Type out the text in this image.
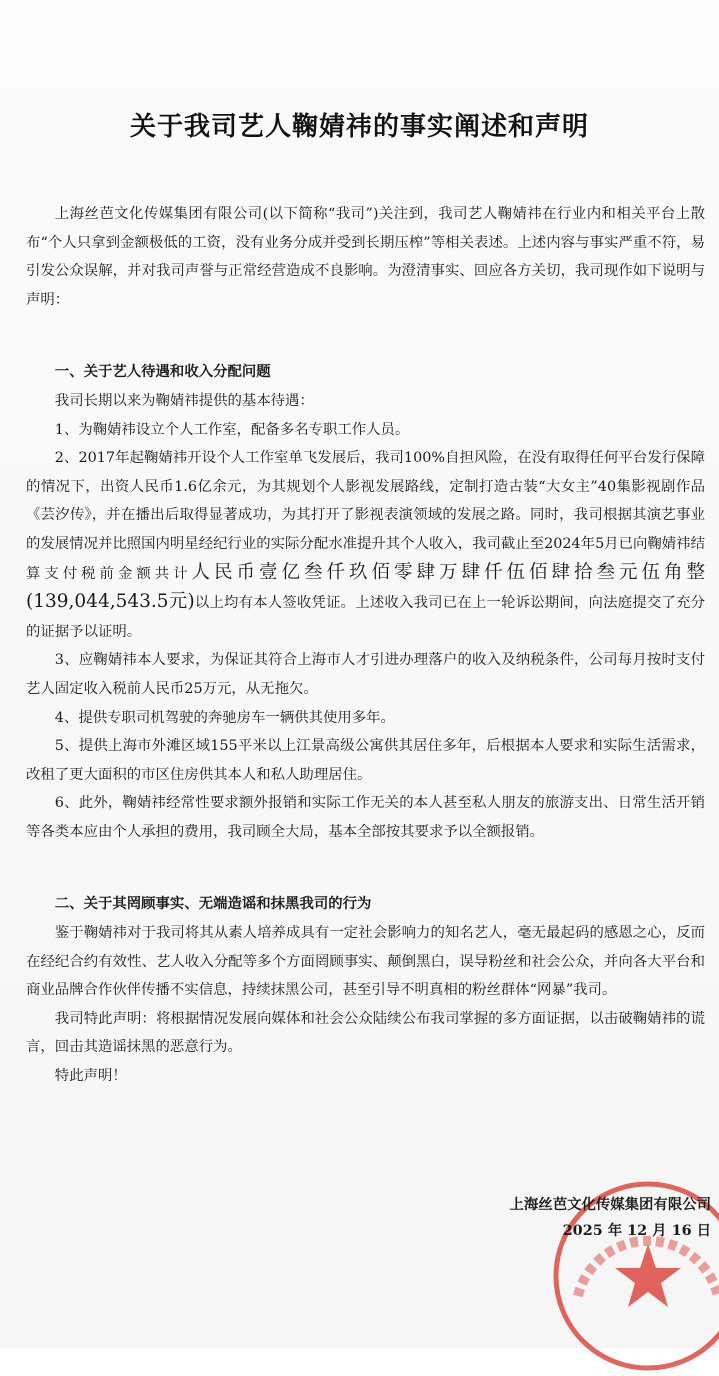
关于我司艺人鞠婧祎的事实阐述和声明

上海丝芭文化传媒集团有限公司(以下简称“我司”)关注到，我司艺人鞠婧祎在行业内和相关平台上散布“个人只拿到金额极低的工资，没有业务分成并受到长期压榨”等相关表述。上述内容与事实严重不符，易引发公众误解，并对我司声誉与正常经营造成不良影响。为澄清事实、回应各方关切，我司现作如下说明与声明：

一、关于艺人待遇和收入分配问题

我司长期以来为鞠婧祎提供的基本待遇：

1、为鞠婧祎设立个人工作室，配备多名专职工作人员。

2、2017年起鞠婧祎开设个人工作室单飞发展后，我司100%自担风险，在没有取得任何平台发行保障的情况下，出资人民币1.6亿余元，为其规划个人影视发展路线，定制打造古装“大女主”40集影视剧作品《芸汐传》，并在播出后取得显著成功，为其打开了影视表演领域的发展之路。同时，我司根据其演艺事业的发展情况并比照国内明星经纪行业的实际分配水准提升其个人收入，我司截止至2024年5月已向鞠婧祎结算支付税前金额共计人民币壹亿叁仟玖佰零肆万肆仟伍佰肆拾叁元伍角整(139,044,543.5元)以上均有本人签收凭证。上述收入我司已在上一轮诉讼期间，向法庭提交了充分的证据予以证明。

3、应鞠婧祎本人要求，为保证其符合上海市人才引进办理落户的收入及纳税条件，公司每月按时支付艺人固定收入税前人民币25万元，从无拖欠。

4、提供专职司机驾驶的奔驰房车一辆供其使用多年。

5、提供上海市外滩区域155平米以上江景高级公寓供其居住多年，后根据本人要求和实际生活需求，改租了更大面积的市区住房供其本人和私人助理居住。

6、此外，鞠婧祎经常性要求额外报销和实际工作无关的本人甚至私人朋友的旅游支出、日常生活开销等各类本应由个人承担的费用，我司顾全大局，基本全部按其要求予以全额报销。

二、关于其罔顾事实、无端造谣和抹黑我司的行为

鉴于鞠婧祎对于我司将其从素人培养成具有一定社会影响力的知名艺人，毫无最起码的感恩之心，反而在经纪合约有效性、艺人收入分配等多个方面罔顾事实、颠倒黑白，误导粉丝和社会公众，并向各大平台和商业品牌合作伙伴传播不实信息，持续抹黑公司，甚至引导不明真相的粉丝群体“网暴”我司。

我司特此声明：将根据情况发展向媒体和社会公众陆续公布我司掌握的多方面证据，以击破鞠婧祎的谎言，回击其造谣抹黑的恶意行为。

特此声明！

上海丝芭文化传媒集团有限公司
2025 年 12 月 16 日
